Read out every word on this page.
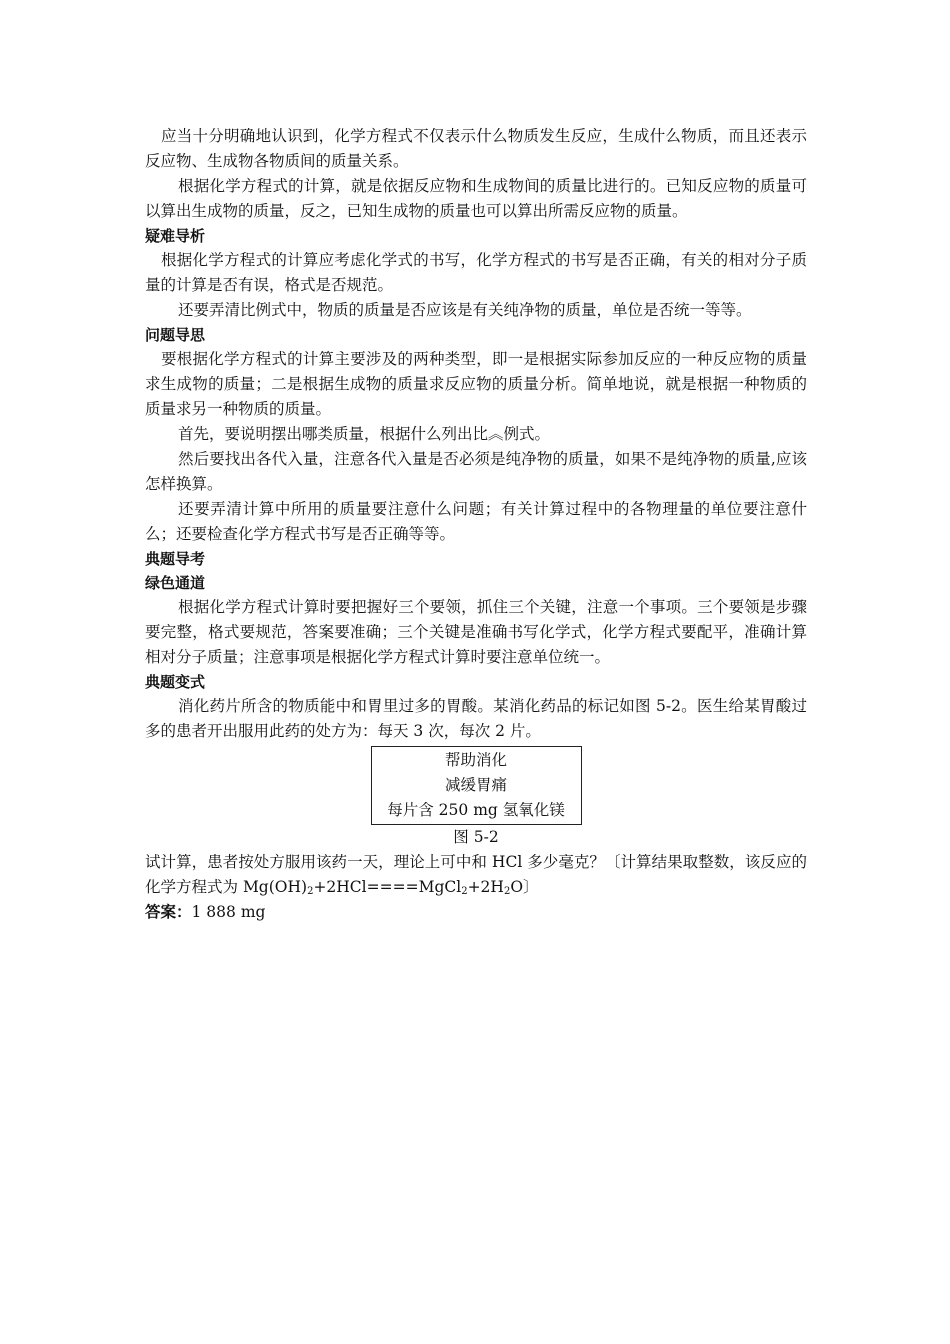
应当十分明确地认识到，化学方程式不仅表示什么物质发生反应，生成什么物质，而且还表示反应物、生成物各物质间的质量关系。

根据化学方程式的计算，就是依据反应物和生成物间的质量比进行的。已知反应物的质量可以算出生成物的质量，反之，已知生成物的质量也可以算出所需反应物的质量。

疑难导析

根据化学方程式的计算应考虑化学式的书写，化学方程式的书写是否正确，有关的相对分子质量的计算是否有误，格式是否规范。

还要弄清比例式中，物质的质量是否应该是有关纯净物的质量，单位是否统一等等。

问题导思

要根据化学方程式的计算主要涉及的两种类型，即一是根据实际参加反应的一种反应物的质量求生成物的质量；二是根据生成物的质量求反应物的质量分析。简单地说，就是根据一种物质的质量求另一种物质的质量。

首先，要说明摆出哪类质量，根据什么列出比︽例式。

然后要找出各代入量，注意各代入量是否必须是纯净物的质量，如果不是纯净物的质量,应该怎样换算。

还要弄清计算中所用的质量要注意什么问题；有关计算过程中的各物理量的单位要注意什么；还要检查化学方程式书写是否正确等等。

典题导考
绿色通道

根据化学方程式计算时要把握好三个要领，抓住三个关键，注意一个事项。三个要领是步骤要完整，格式要规范，答案要准确；三个关键是准确书写化学式，化学方程式要配平，准确计算相对分子质量；注意事项是根据化学方程式计算时要注意单位统一。

典题变式

消化药片所含的物质能中和胃里过多的胃酸。某消化药品的标记如图 5-2。医生给某胃酸过多的患者开出服用此药的处方为：每天 3 次，每次 2 片。

帮助消化
减缓胃痛
每片含 250 mg 氢氧化镁
图 5-2

试计算，患者按处方服用该药一天，理论上可中和 HCl 多少毫克？〔计算结果取整数，该反应的化学方程式为 $Mg(OH)_2+2HCl====MgCl_2+2H_2O$〕

答案：1 888 mg
